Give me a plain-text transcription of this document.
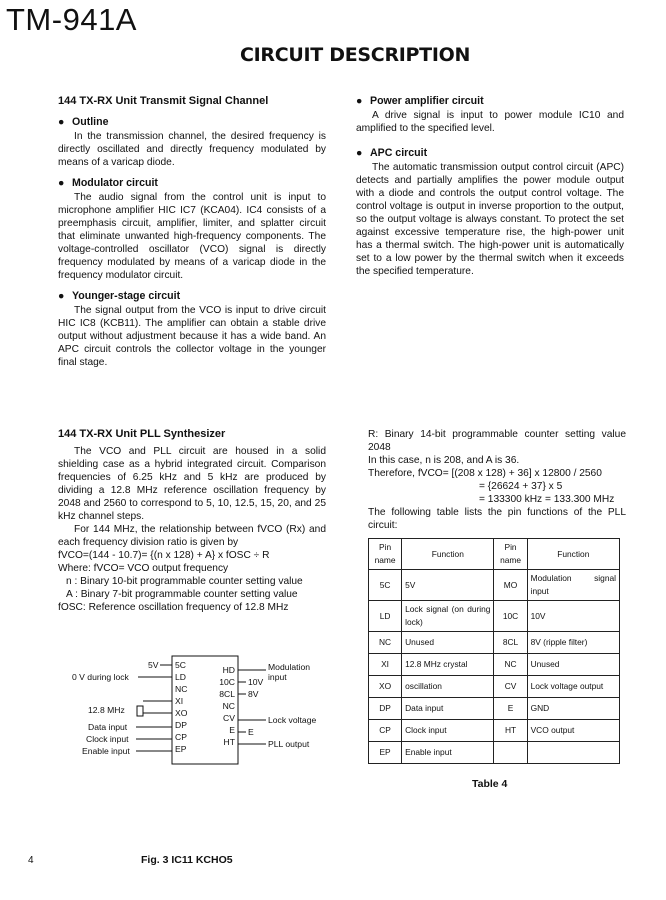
TM-941A
CIRCUIT DESCRIPTION
144 TX-RX Unit Transmit Signal Channel
● Outline

In the transmission channel, the desired frequency is directly oscillated and directly frequency modulated by means of a varicap diode.

● Modulator circuit

The audio signal from the control unit is input to microphone amplifier HIC IC7 (KCA04). IC4 consists of a preemphasis circuit, amplifier, limiter, and splatter circuit that eliminate unwanted high-frequency components. The voltage-controlled oscillator (VCO) signal is directly frequency modulated by means of a varicap diode in the frequency modulator circuit.

● Younger-stage circuit

The signal output from the VCO is input to drive circuit HIC IC8 (KCB11). The amplifier can obtain a stable drive output without adjustment because it has a wide band. An APC circuit controls the collector voltage in the younger final stage.

● Power amplifier circuit

A drive signal is input to power module IC10 and amplified to the specified level.

● APC circuit

The automatic transmission output control circuit (APC) detects and partially amplifies the power module output with a diode and controls the output control voltage. The control voltage is output in inverse proportion to the output, so the output voltage is always constant. To protect the set against excessive temperature rise, the high-power unit has a thermal switch. The high-power unit is automatically set to a low power by the thermal switch when it exceeds the specified temperature.

144 TX-RX Unit PLL Synthesizer

The VCO and PLL circuit are housed in a solid shielding case as a hybrid integrated circuit. Comparison frequencies of 6.25 kHz and 5 kHz are produced by dividing a 12.8 MHz reference oscillation frequency by 2048 and 2560 to correspond to 5, 10, 12.5, 15, 20, and 25 kHz channel steps.

For 144 MHz, the relationship between fVCO (Rx) and each frequency division ratio is given by

fVCO=(144 - 10.7)= {(n x 128) + A} x fOSC ÷ R
Where: fVCO= VCO output frequency
n : Binary 10-bit programmable counter setting value
A : Binary 7-bit programmable counter setting value
fOSC: Reference oscillation frequency of 12.8 MHz
R: Binary 14-bit programmable counter setting value 2048
In this case, n is 208, and A is 36.
Therefore, fVCO= [(208 x 128) + 36] x 12800 / 2560
= {26624 + 37} x 5
= 133300 kHz = 133.300 MHz
The following table lists the pin functions of the PLL circuit:
Pin name	Function	Pin name	Function
5C	5V	MO	Modulation signal input
LD	Lock signal (on during lock)	10C	10V
NC	Unused	8CL	8V (ripple filter)
XI	12.8 MHz crystal	NC	Unused
XO	oscillation	CV	Lock voltage output
DP	Data input	E	GND
CP	Clock input	HT	VCO output
EP	Enable input		
Table 4
5C
LD
NC
XI
XO
DP
CP
EP
HD
10C
8CL
NC
CV
E
HT
5V
0 V during lock
12.8 MHz
Data input
Clock input
Enable input
Modulation
input
10V
8V
Lock voltage
E
PLL output
4	Fig. 3 IC11 KCHO5
